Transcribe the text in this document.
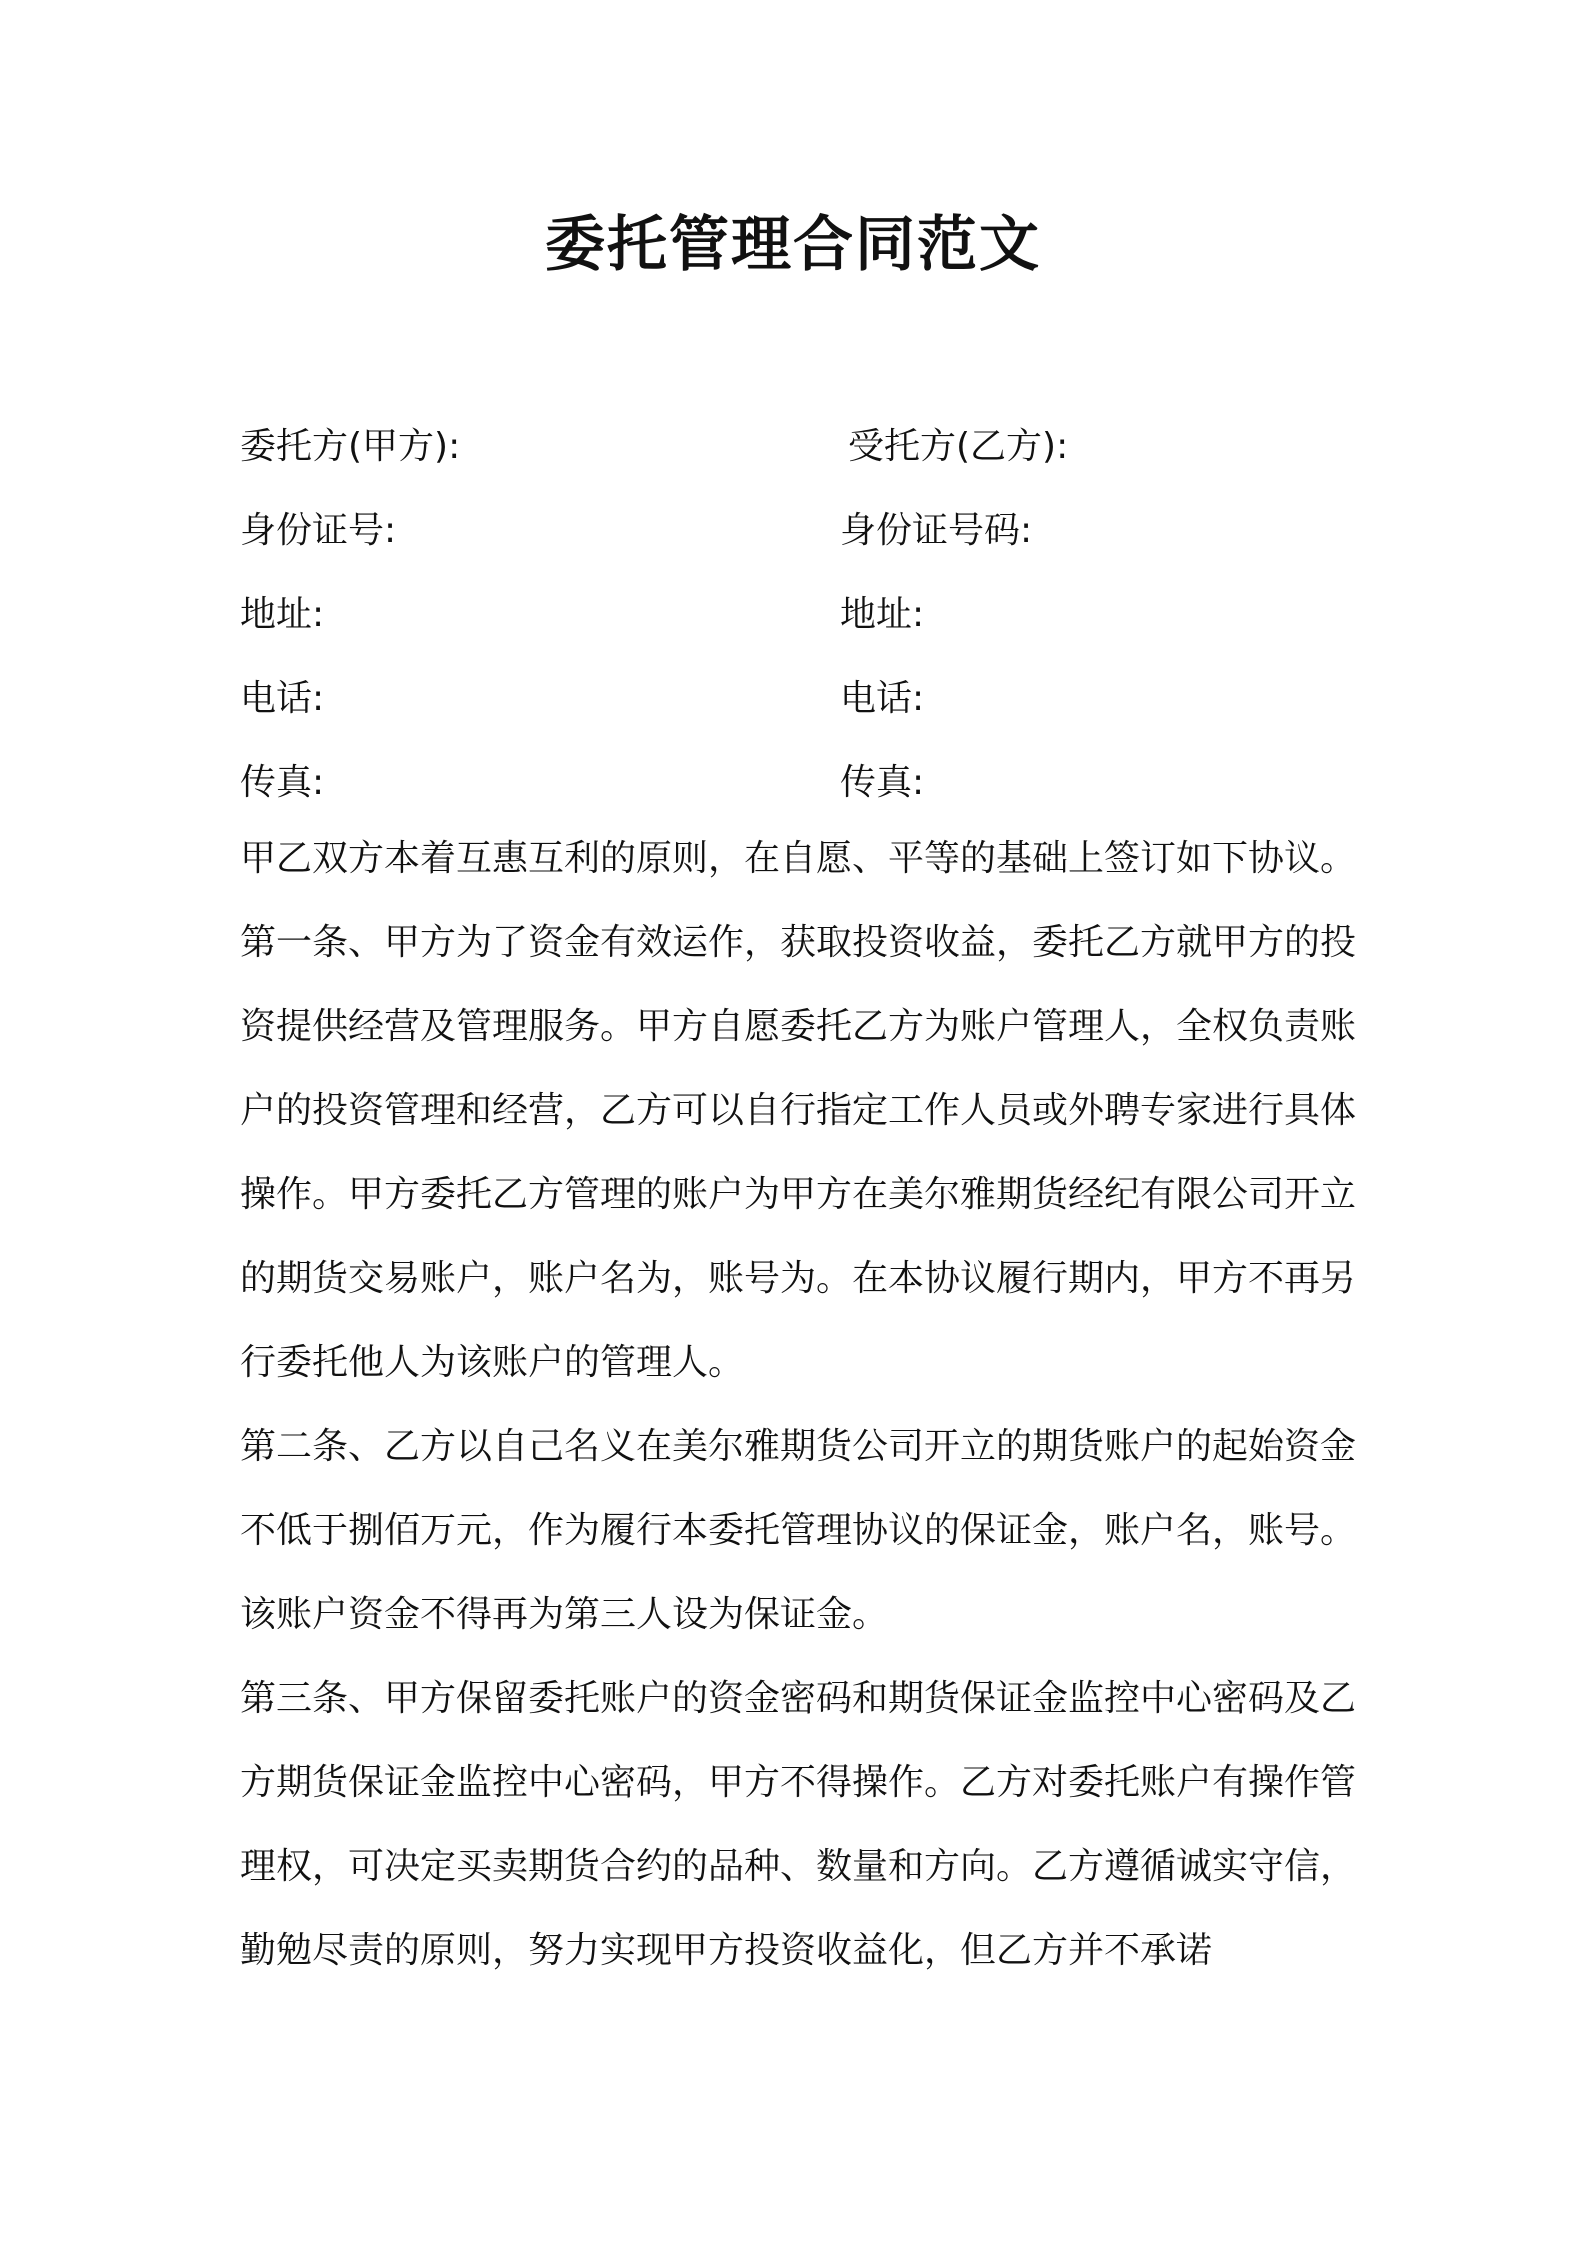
委托管理合同范文
委托方(甲方):	受托方(乙方):
身份证号:	身份证号码:
地址:	地址:
电话:	电话:
传真:	传真:

甲乙双方本着互惠互利的原则，在自愿、平等的基础上签订如下协议。

第一条、甲方为了资金有效运作，获取投资收益，委托乙方就甲方的投资提供经营及管理服务。甲方自愿委托乙方为账户管理人，全权负责账户的投资管理和经营，乙方可以自行指定工作人员或外聘专家进行具体操作。甲方委托乙方管理的账户为甲方在美尔雅期货经纪有限公司开立的期货交易账户，账户名为，账号为。在本协议履行期内，甲方不再另行委托他人为该账户的管理人。

第二条、乙方以自己名义在美尔雅期货公司开立的期货账户的起始资金不低于捌佰万元，作为履行本委托管理协议的保证金，账户名，账号。该账户资金不得再为第三人设为保证金。

第三条、甲方保留委托账户的资金密码和期货保证金监控中心密码及乙方期货保证金监控中心密码，甲方不得操作。乙方对委托账户有操作管理权，可决定买卖期货合约的品种、数量和方向。乙方遵循诚实守信，勤勉尽责的原则，努力实现甲方投资收益化，但乙方并不承诺
